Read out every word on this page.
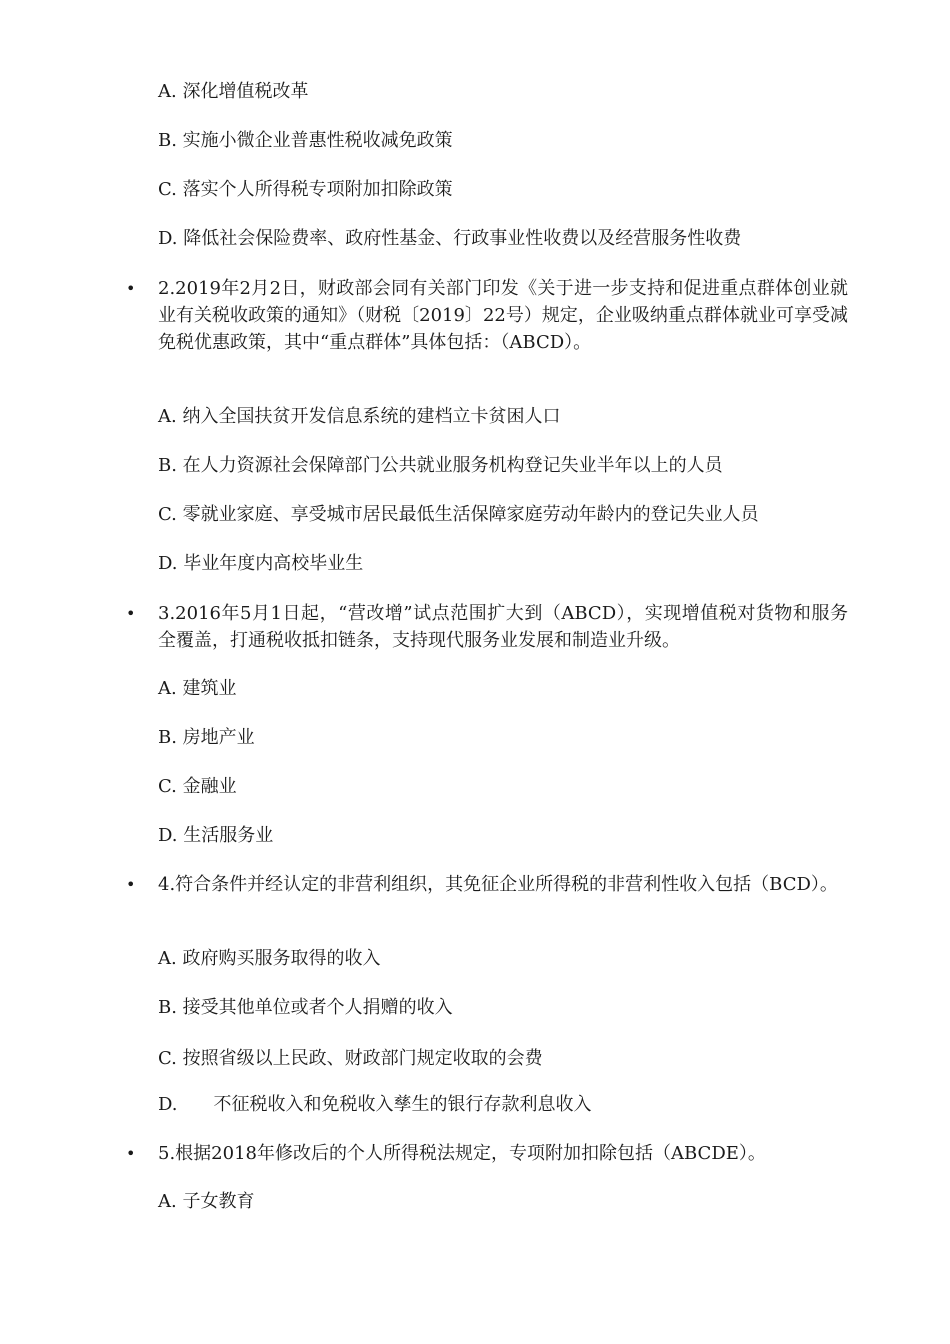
A. 深化增值税改革
B. 实施小微企业普惠性税收减免政策
C. 落实个人所得税专项附加扣除政策
D. 降低社会保险费率、政府性基金、行政事业性收费以及经营服务性收费
• 2.2019年2月2日，财政部会同有关部门印发《关于进一步支持和促进重点群体创业就业有关税收政策的通知》（财税〔2019〕22号）规定，企业吸纳重点群体就业可享受减免税优惠政策，其中“重点群体”具体包括：（ABCD）。
A. 纳入全国扶贫开发信息系统的建档立卡贫困人口
B. 在人力资源社会保障部门公共就业服务机构登记失业半年以上的人员
C. 零就业家庭、享受城市居民最低生活保障家庭劳动年龄内的登记失业人员
D. 毕业年度内高校毕业生
• 3.2016年5月1日起，“营改增”试点范围扩大到（ABCD），实现增值税对货物和服务全覆盖，打通税收抵扣链条，支持现代服务业发展和制造业升级。
A. 建筑业
B. 房地产业
C. 金融业
D. 生活服务业
• 4.符合条件并经认定的非营利组织，其免征企业所得税的非营利性收入包括（BCD）。
A. 政府购买服务取得的收入
B. 接受其他单位或者个人捐赠的收入
C. 按照省级以上民政、财政部门规定收取的会费
D. 不征税收入和免税收入孳生的银行存款利息收入
• 5.根据2018年修改后的个人所得税法规定，专项附加扣除包括（ABCDE）。
A. 子女教育
